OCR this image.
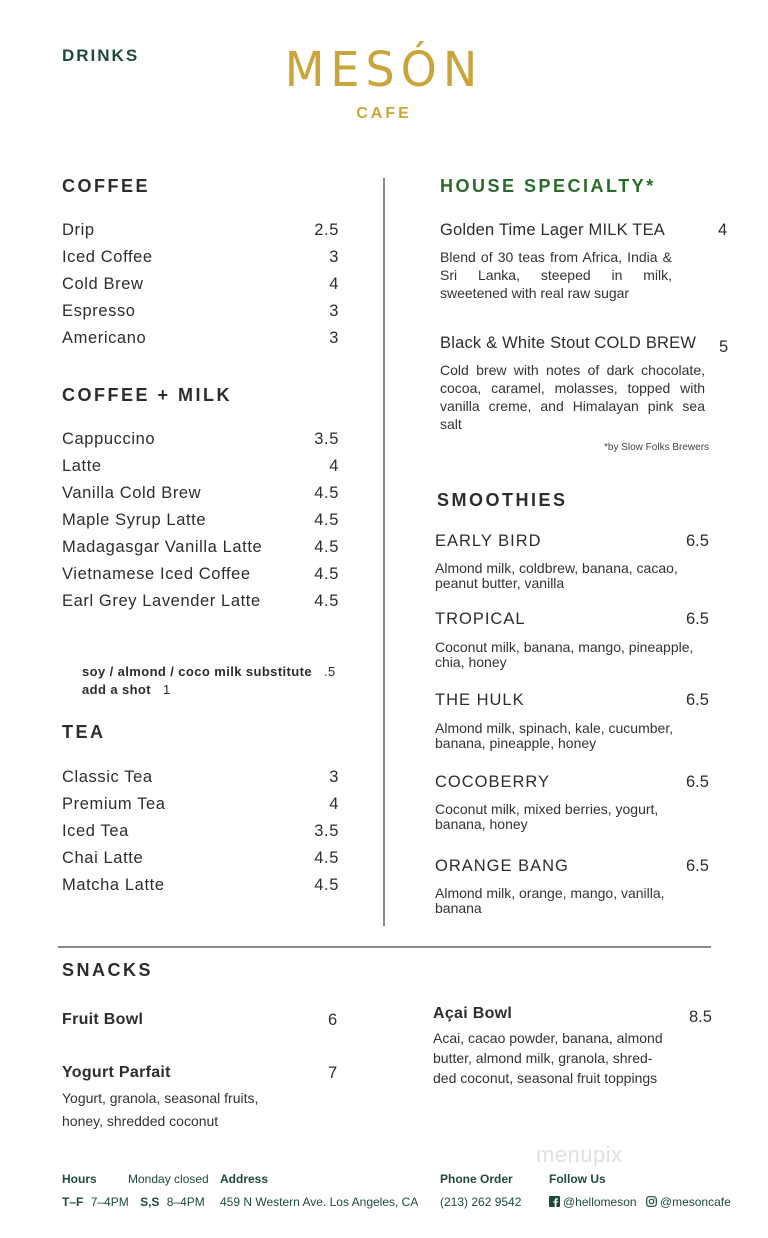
DRINKS	MESÓN
CAFE
COFFEE
Drip	2.5
Iced Coffee	3
Cold Brew	4
Espresso	3
Americano	3
COFFEE + MILK
Cappuccino	3.5
Latte	4
Vanilla Cold Brew	4.5
Maple Syrup Latte	4.5
Madagasgar Vanilla Latte	4.5
Vietnamese Iced Coffee	4.5
Earl Grey Lavender Latte	4.5
soy / almond / coco milk substitute .5
add a shot 1
TEA
Classic Tea	3
Premium Tea	4
Iced Tea	3.5
Chai Latte	4.5
Matcha Latte	4.5
HOUSE SPECIALTY*
Golden Time Lager MILK TEA	4
Blend of 30 teas from Africa, India & Sri Lanka, steeped in milk, sweetened with real raw sugar
Black & White Stout COLD BREW 5
Cold brew with notes of dark chocolate, cocoa, caramel, molasses, topped with vanilla creme, and Himalayan pink sea salt
*by Slow Folks Brewers
SMOOTHIES
EARLY BIRD	6.5
Almond milk, coldbrew, banana, cacao, peanut butter, vanilla
TROPICAL	6.5
Coconut milk, banana, mango, pineapple, chia, honey
THE HULK	6.5
Almond milk, spinach, kale, cucumber, banana, pineapple, honey
COCOBERRY	6.5
Coconut milk, mixed berries, yogurt, banana, honey
ORANGE BANG	6.5
Almond milk, orange, mango, vanilla, banana
SNACKS
Fruit Bowl	6
Yogurt Parfait	7
Yogurt, granola, seasonal fruits, honey, shredded coconut
Açai Bowl	8.5
Acai, cacao powder, banana, almond butter, almond milk, granola, shred-ded coconut, seasonal fruit toppings
menupix
Hours	Monday closed
T–F 7–4PM S,S 8–4PM
Address
459 N Western Ave. Los Angeles, CA
Phone Order
(213) 262 9542
Follow Us
@hellomeson @mesoncafe
